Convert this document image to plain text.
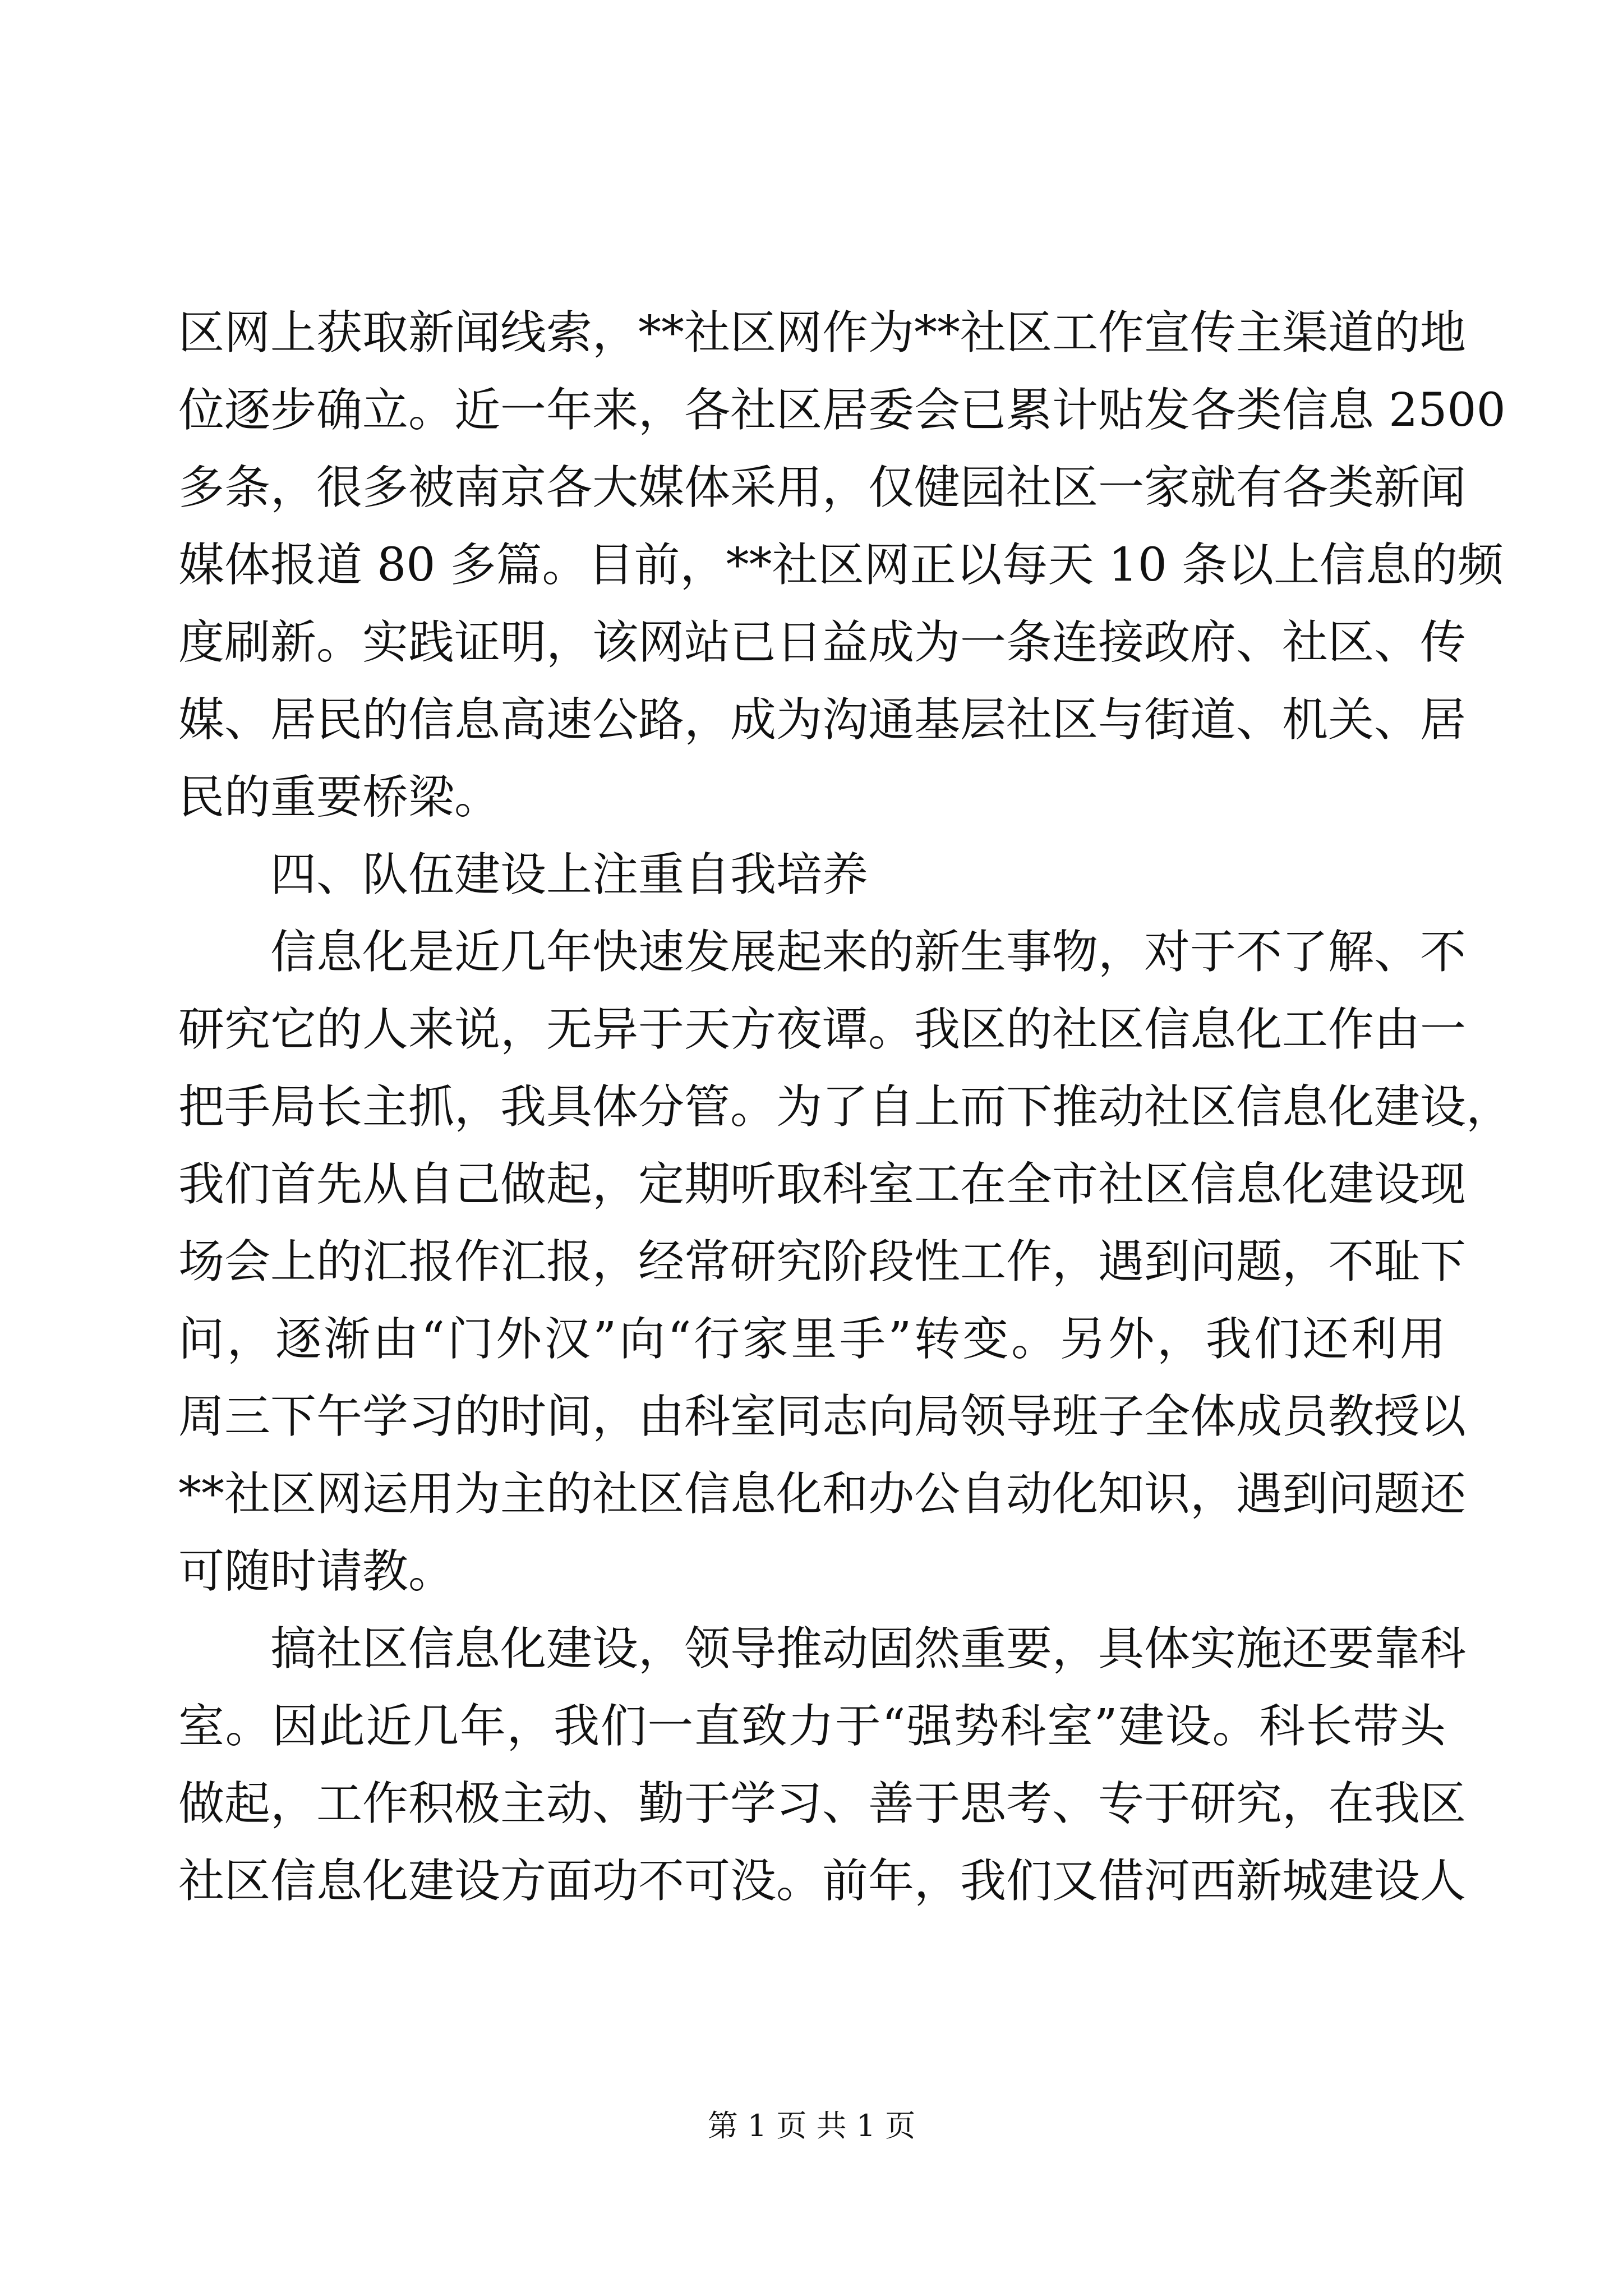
区网上获取新闻线索，**社区网作为**社区工作宣传主渠道的地
位逐步确立。近一年来，各社区居委会已累计贴发各类信息 2500
多条，很多被南京各大媒体采用，仅健园社区一家就有各类新闻
媒体报道 80 多篇。目前，**社区网正以每天 10 条以上信息的频
度刷新。实践证明，该网站已日益成为一条连接政府、社区、传
媒、居民的信息高速公路，成为沟通基层社区与街道、机关、居
民的重要桥梁。
四、队伍建设上注重自我培养
信息化是近几年快速发展起来的新生事物，对于不了解、不
研究它的人来说，无异于天方夜谭。我区的社区信息化工作由一
把手局长主抓，我具体分管。为了自上而下推动社区信息化建设，
我们首先从自己做起，定期听取科室工在全市社区信息化建设现
场会上的汇报作汇报，经常研究阶段性工作，遇到问题，不耻下
问，逐渐由“门外汉”向“行家里手”转变。另外，我们还利用
周三下午学习的时间，由科室同志向局领导班子全体成员教授以
**社区网运用为主的社区信息化和办公自动化知识，遇到问题还
可随时请教。
搞社区信息化建设，领导推动固然重要，具体实施还要靠科
室。因此近几年，我们一直致力于“强势科室”建设。科长带头
做起，工作积极主动、勤于学习、善于思考、专于研究，在我区
社区信息化建设方面功不可没。前年，我们又借河西新城建设人
第 1 页 共 1 页
